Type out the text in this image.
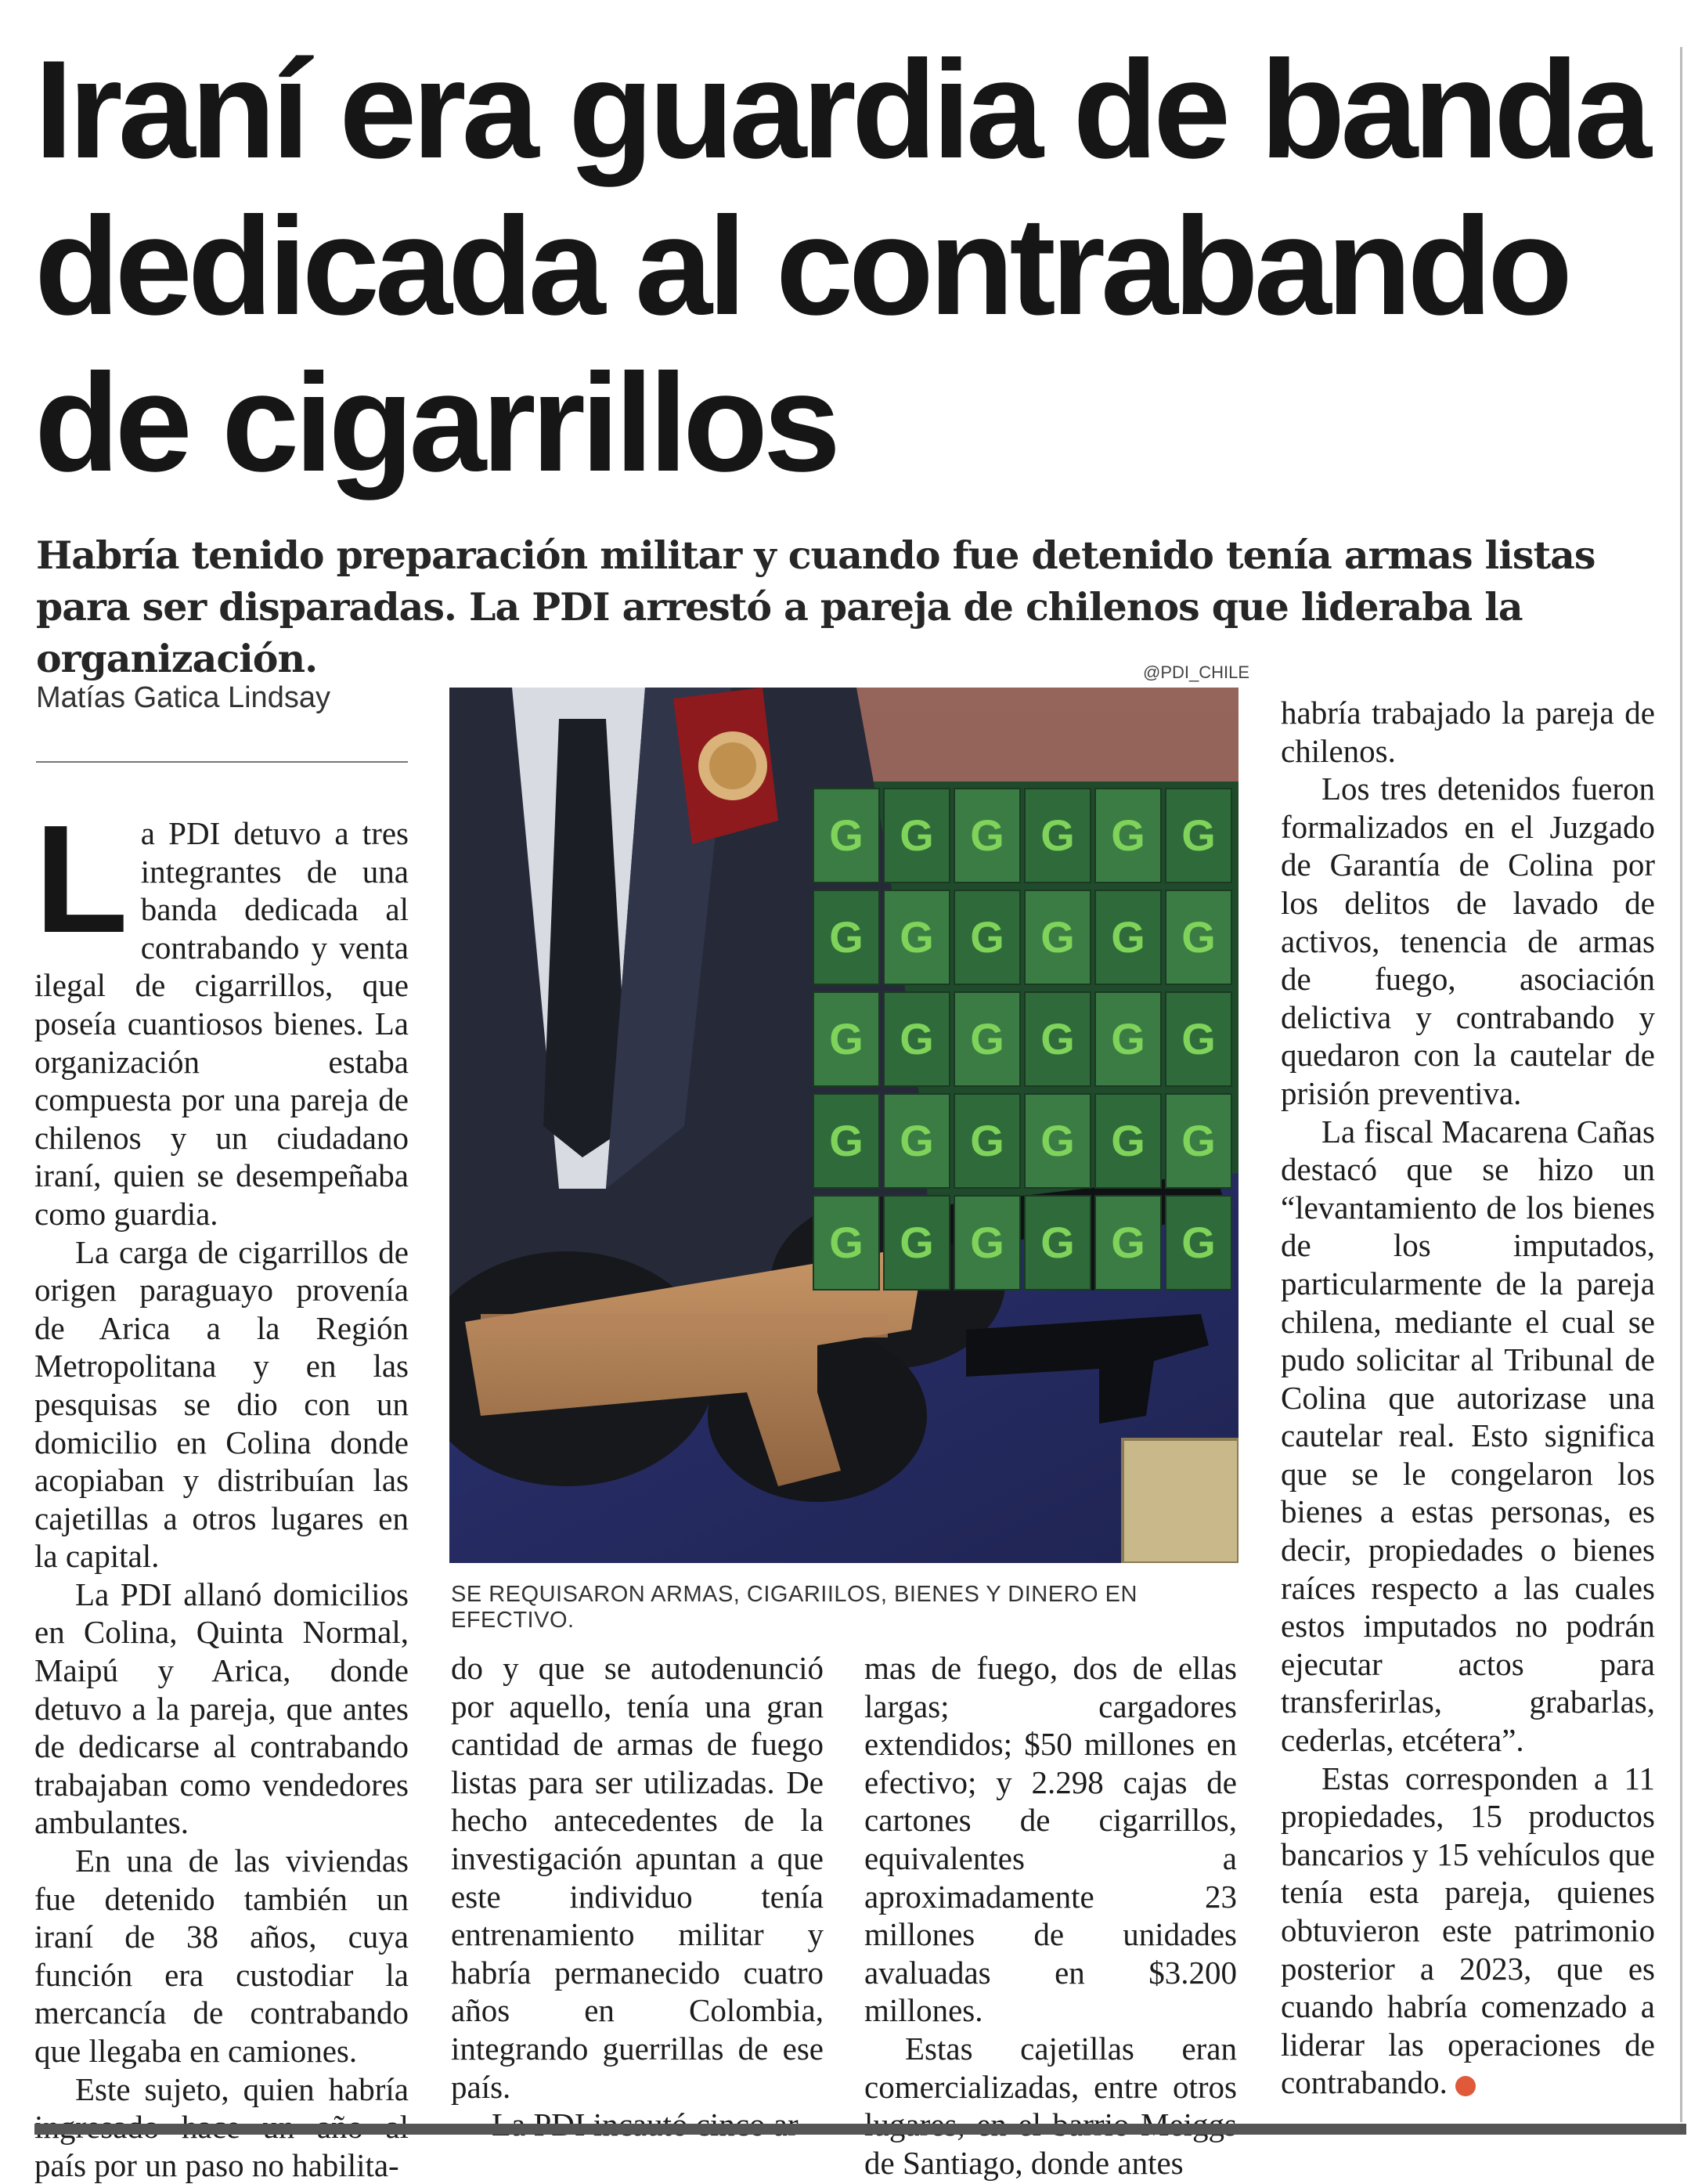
Iraní era guardia de banda dedicada al contrabando de cigarrillos

Habría tenido preparación militar y cuando fue detenido tenía armas listas para ser disparadas. La PDI arrestó a pareja de chilenos que lideraba la organización.

Matías Gatica Lindsay

La PDI detuvo a tres integrantes de una banda dedicada al contrabando y venta ilegal de cigarrillos, que poseía cuantiosos bienes. La organización estaba compuesta por una pareja de chilenos y un ciudadano iraní, quien se desempeñaba como guardia.

La carga de cigarrillos de origen paraguayo provenía de Arica a la Región Metropolitana y en las pesquisas se dio con un domicilio en Colina donde acopiaban y distribuían las cajetillas a otros lugares en la capital.

La PDI allanó domicilios en Colina, Quinta Normal, Maipú y Arica, donde detuvo a la pareja, que antes de dedicarse al contrabando trabajaban como vendedores ambulantes.

En una de las viviendas fue detenido también un iraní de 38 años, cuya función era custodiar la mercancía de contrabando que llegaba en camiones.

Este sujeto, quien habría país por un paso no habilita-

@PDI_CHILE
G G G G G G
G G G G G G
G G G G G G
G G G G G G
G G G G G G
SE REQUISARON ARMAS, CIGARIILOS, BIENES Y DINERO EN EFECTIVO.

do y que se autodenunció por aquello, tenía una gran cantidad de armas de fuego listas para ser utilizadas. De hecho antecedentes de la investigación apuntan a que este individuo tenía entrenamiento militar y habría permanecido cuatro años en Colombia, integrando guerrillas de ese país.

mas de fuego, dos de ellas largas; cargadores extendidos; $50 millones en efectivo; y 2.298 cajas de cartones de cigarrillos, equivalentes a aproximadamente 23 millones de unidades avaluadas en $3.200 millones.

Estas cajetillas eran comercializadas, entre otros de Santiago, donde antes

habría trabajado la pareja de chilenos.

Los tres detenidos fueron formalizados en el Juzgado de Garantía de Colina por los delitos de lavado de activos, tenencia de armas de fuego, asociación delictiva y contrabando y quedaron con la cautelar de prisión preventiva.

La fiscal Macarena Cañas destacó que se hizo un “levantamiento de los bienes de los imputados, particularmente de la pareja chilena, mediante el cual se pudo solicitar al Tribunal de Colina que autorizase una cautelar real. Esto significa que se le congelaron los bienes a estas personas, es decir, propiedades o bienes raíces respecto a las cuales estos imputados no podrán ejecutar actos para transferirlas, grabarlas, cederlas, etcétera”.

Estas corresponden a 11 propiedades, 15 productos bancarios y 15 vehículos que tenía esta pareja, quienes obtuvieron este patrimonio posterior a 2023, que es cuando habría comenzado a liderar las operaciones de contrabando.	✪
